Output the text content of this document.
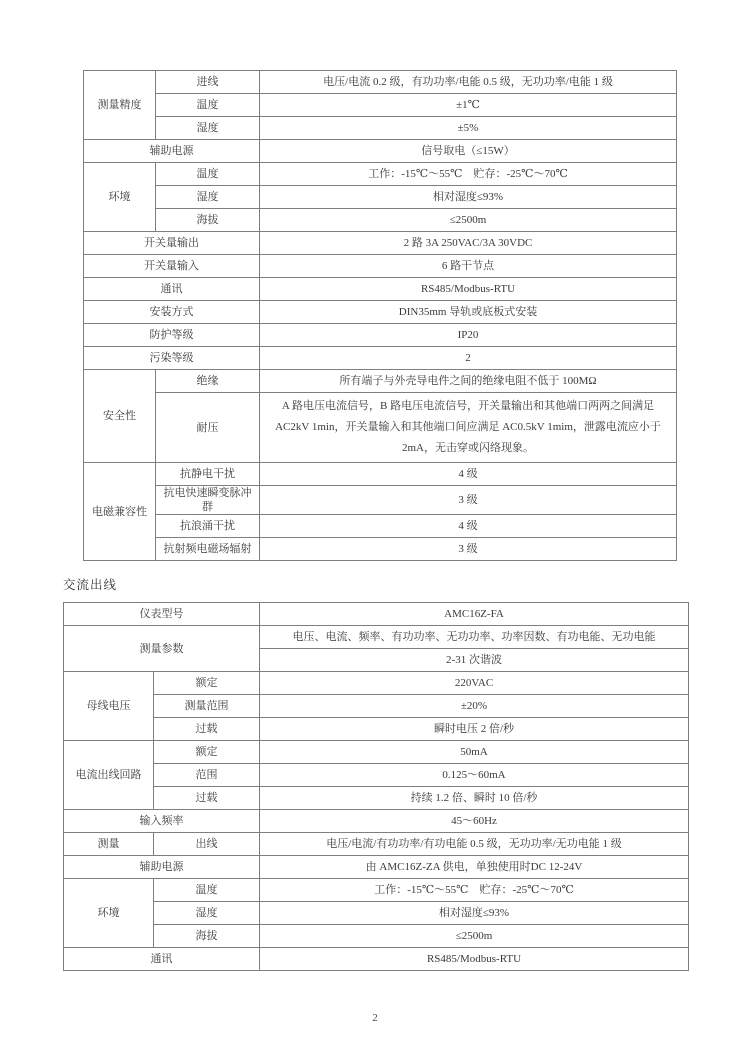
测量精度	进线	电压/电流 0.2 级，有功功率/电能 0.5 级，无功功率/电能 1 级
	温度	±1℃
	湿度	±5%
辅助电源		信号取电（≤15W）
环境	温度	工作：-15℃～55℃　贮存：-25℃～70℃
	湿度	相对湿度≤93%
	海拔	≤2500m
开关量输出		2 路 3A 250VAC/3A 30VDC
开关量输入		6 路干节点
通讯		RS485/Modbus-RTU
安装方式		DIN35mm 导轨或底板式安装
防护等级		IP20
污染等级		2
安全性	绝缘	所有端子与外壳导电件之间的绝缘电阻不低于 100MΩ
	耐压	A 路电压电流信号，B 路电压电流信号，开关量输出和其他端口两两之间满足 AC2kV 1min，开关量输入和其他端口间应满足 AC0.5kV 1mim，泄露电流应小于 2mA，无击穿或闪络现象。
电磁兼容性	抗静电干扰	4 级
	抗电快速瞬变脉冲群	3 级
	抗浪涌干扰	4 级
	抗射频电磁场辐射	3 级
交流出线
仪表型号		AMC16Z-FA
测量参数		电压、电流、频率、有功功率、无功功率、功率因数、有功电能、无功电能
		2-31 次谐波
母线电压	额定	220VAC
	测量范围	±20%
	过载	瞬时电压 2 倍/秒
电流出线回路	额定	50mA
	范围	0.125～60mA
	过载	持续 1.2 倍、瞬时 10 倍/秒
输入频率		45～60Hz
测量	出线	电压/电流/有功功率/有功电能 0.5 级，无功功率/无功电能 1 级
辅助电源		由 AMC16Z-ZA 供电，单独使用时DC 12-24V
环境	温度	工作：-15℃～55℃　贮存：-25℃～70℃
	湿度	相对湿度≤93%
	海拔	≤2500m
通讯		RS485/Modbus-RTU
2
